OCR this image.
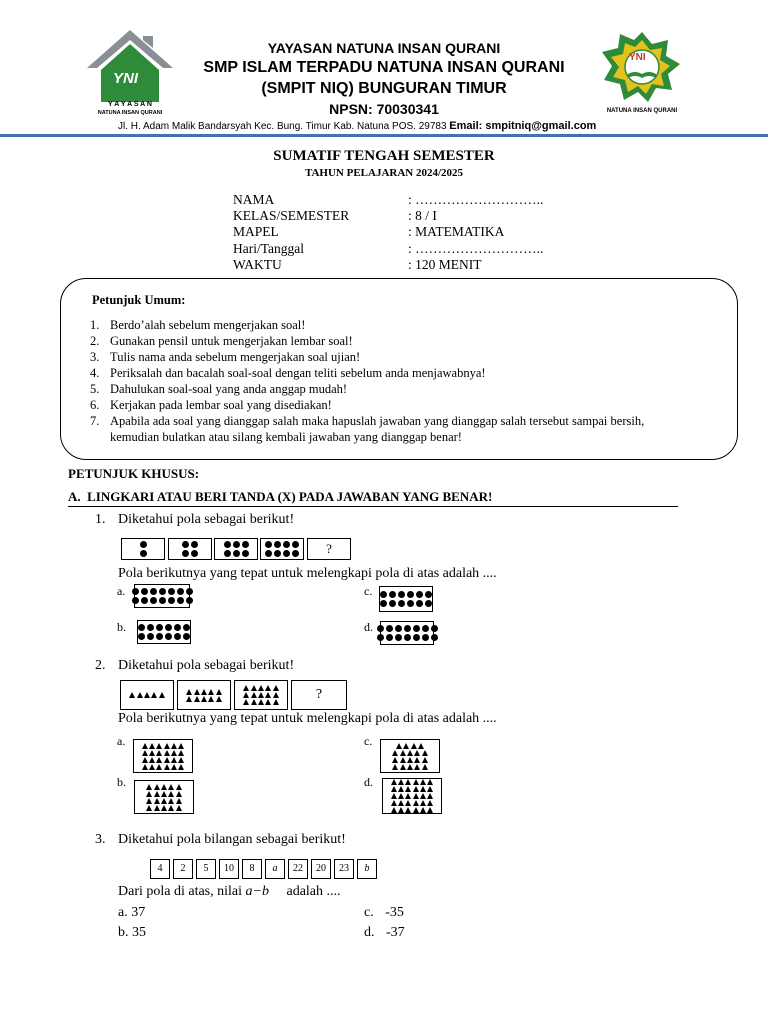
YNI
Y A Y A S A N
NATUNA INSAN QURANI
YAYASAN NATUNA INSAN QURANI
SMP ISLAM TERPADU NATUNA INSAN QURANI
(SMPIT NIQ) BUNGURAN TIMUR
NPSN: 70030341
Jl. H. Adam Malik Bandarsyah Kec. Bung. Timur Kab. Natuna POS. 29783 Email: smpitniq@gmail.com
YNI
NATUNA INSAN QURANI
SUMATIF TENGAH SEMESTER
TAHUN PELAJARAN 2024/2025
NAMA	: ………………………..
KELAS/SEMESTER	: 8 / I
MAPEL	: MATEMATIKA
Hari/Tanggal	: ………………………..
WAKTU	: 120 MENIT
Petunjuk Umum:
1. Berdo’alah sebelum mengerjakan soal!
2. Gunakan pensil untuk mengerjakan lembar soal!
3. Tulis nama anda sebelum mengerjakan soal ujian!
4. Periksalah dan bacalah soal-soal dengan teliti sebelum anda menjawabnya!
5. Dahulukan soal-soal yang anda anggap mudah!
6. Kerjakan pada lembar soal yang disediakan!
7. Apabila ada soal yang dianggap salah maka hapuslah jawaban yang dianggap salah tersebut sampai bersih, kemudian bulatkan atau silang kembali jawaban yang dianggap benar!
PETUNJUK KHUSUS:
A.  LINGKARI ATAU BERI TANDA (X) PADA JAWABAN YANG BENAR!
1. Diketahui pola sebagai berikut!
?
Pola berikutnya yang tepat untuk melengkapi pola di atas adalah ....
a.
b.
c.
d.
2. Diketahui pola sebagai berikut!
?
Pola berikutnya yang tepat untuk melengkapi pola di atas adalah ....
a.
b.
c.
d.
3. Diketahui pola bilangan sebagai berikut!
4	2	5	10	8	a	22	20	23	b
Dari pola di atas, nilai a−b adalah ....
a. 37
b. 35
c. -35
d. -37
